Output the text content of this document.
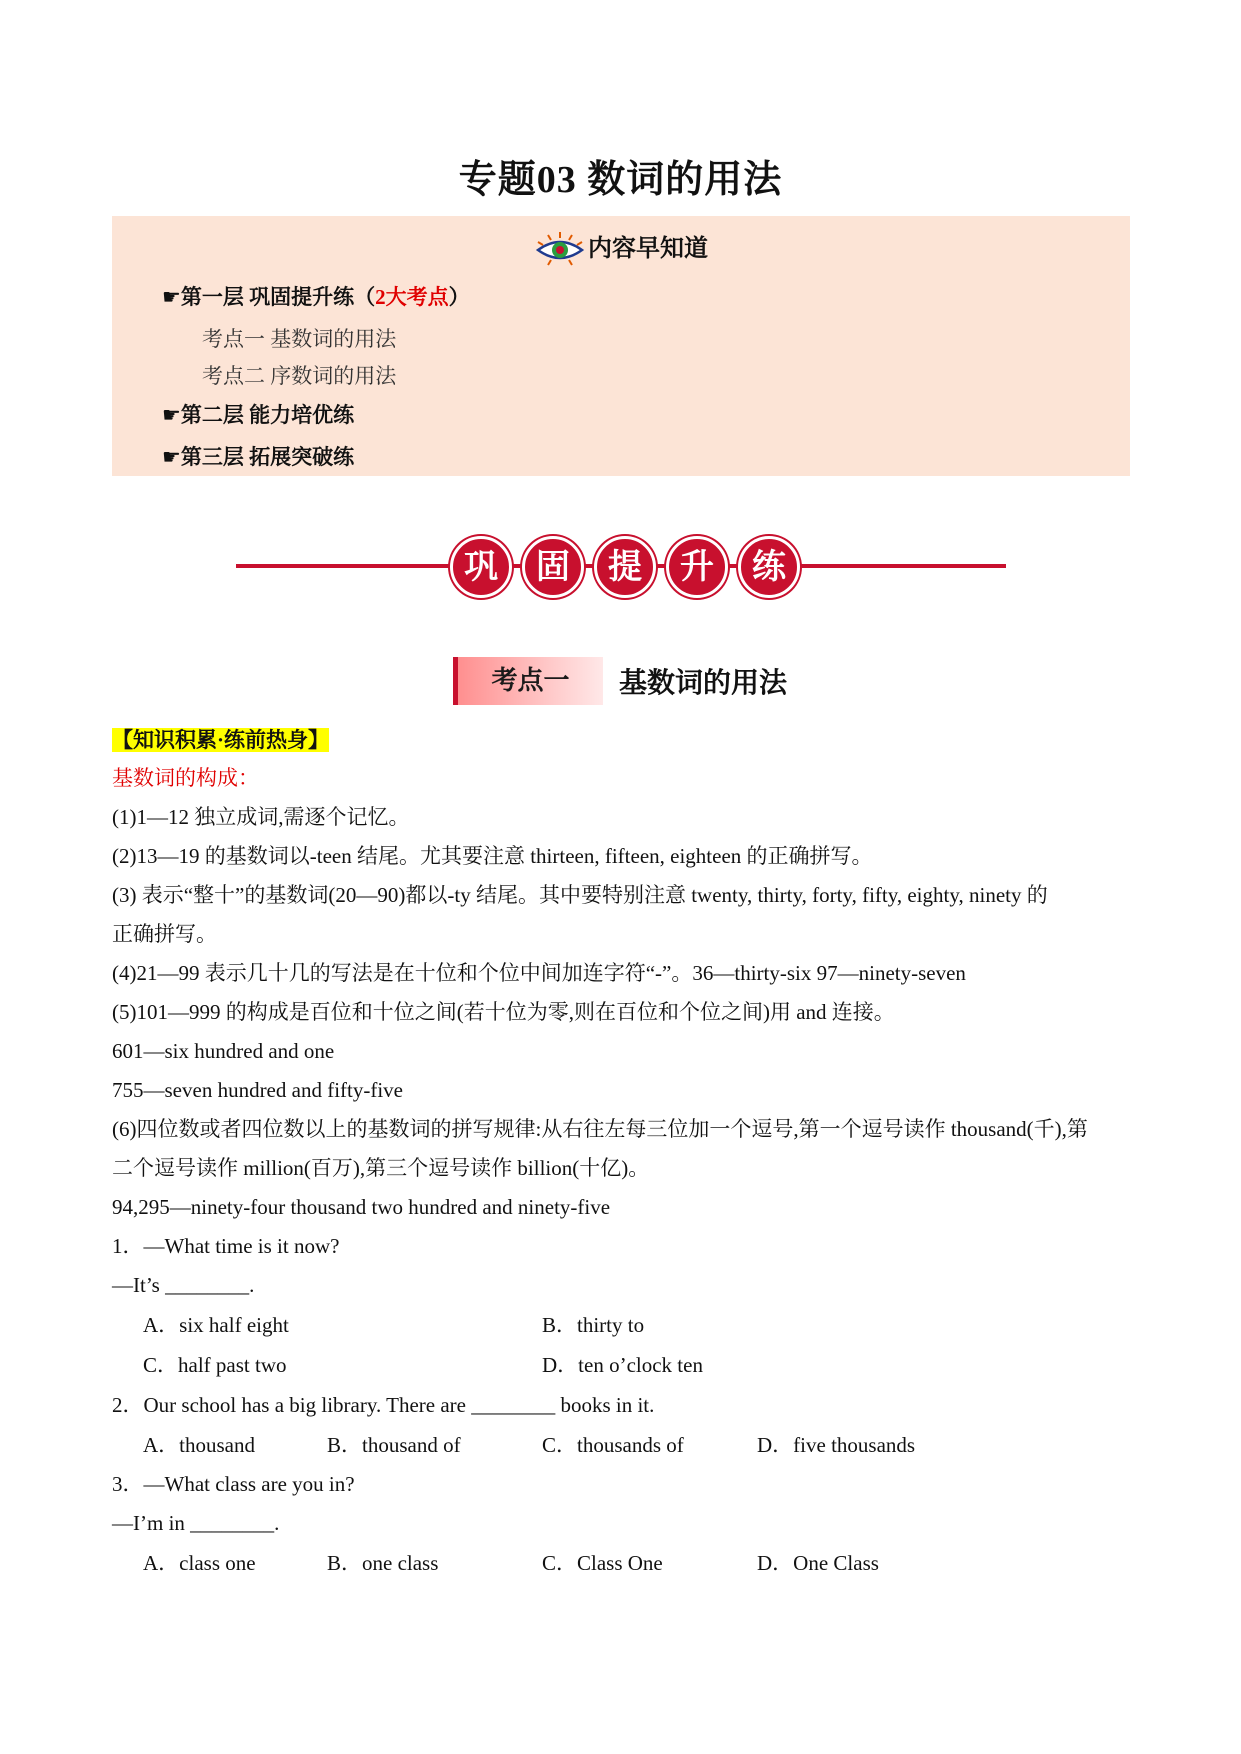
专题03 数词的用法
内容早知道
☛第一层 巩固提升练（2大考点）
考点一 基数词的用法
考点二 序数词的用法
☛第二层 能力培优练
☛第三层 拓展突破练
巩	固	提	升	练
考点一	基数词的用法
【知识积累·练前热身】
基数词的构成：
(1)1—12 独立成词,需逐个记忆。
(2)13—19 的基数词以-teen 结尾。尤其要注意 thirteen, fifteen, eighteen 的正确拼写。
(3) 表示“整十”的基数词(20—90)都以-ty 结尾。其中要特别注意 twenty, thirty, forty, fifty, eighty, ninety 的
正确拼写。
(4)21—99 表示几十几的写法是在十位和个位中间加连字符“-”。36—thirty-six 97—ninety-seven
(5)101—999 的构成是百位和十位之间(若十位为零,则在百位和个位之间)用 and 连接。
601—six hundred and one
755—seven hundred and fifty-five
(6)四位数或者四位数以上的基数词的拼写规律:从右往左每三位加一个逗号,第一个逗号读作 thousand(千),第
二个逗号读作 million(百万),第三个逗号读作 billion(十亿)。
94,295—ninety-four thousand two hundred and ninety-five
1．—What time is it now?
—It’s ________.
A．six half eight	B．thirty to
C．half past two	D．ten o’clock ten
2．Our school has a big library. There are ________ books in it.
A．thousand	B．thousand of	C．thousands of	D．five thousands
3．—What class are you in?
—I’m in ________.
A．class one	B．one class	C．Class One	D．One Class
